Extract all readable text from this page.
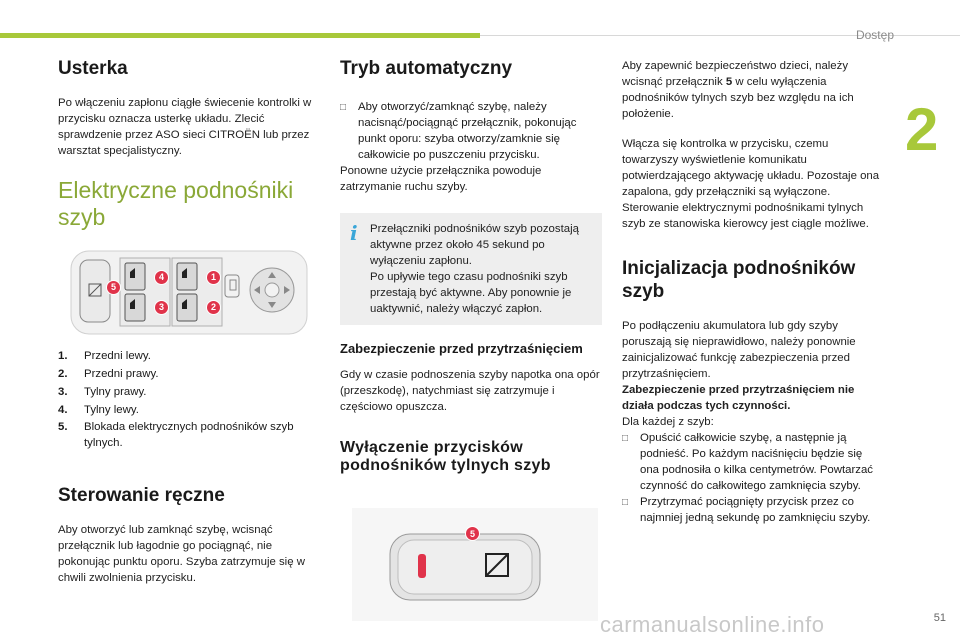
Dostęp
2
Usterka
Po włączeniu zapłonu ciągłe świecenie kontrolki w przycisku oznacza usterkę układu. Zlecić sprawdzenie przez ASO sieci CITROËN lub przez warsztat specjalistyczny.
Elektryczne podnośniki szyb
4	1
5
3	2
1.	Przedni lewy.
2.	Przedni prawy.
3.	Tylny prawy.
4.	Tylny lewy.
5.	Blokada elektrycznych podnośników szyb tylnych.
Sterowanie ręczne
Aby otworzyć lub zamknąć szybę, wcisnąć przełącznik lub łagodnie go pociągnąć, nie pokonując punktu oporu. Szyba zatrzymuje się w chwili zwolnienia przycisku.
Tryb automatyczny
□	Aby otworzyć/zamknąć szybę, należy nacisnąć/pociągnąć przełącznik, pokonując punkt oporu: szyba otworzy/zamknie się całkowicie po puszczeniu przycisku.
Ponowne użycie przełącznika powoduje zatrzymanie ruchu szyby.
i Przełączniki podnośników szyb pozostają aktywne przez około 45 sekund po wyłączeniu zapłonu.
Po upływie tego czasu podnośniki szyb przestają być aktywne. Aby ponownie je uaktywnić, należy włączyć zapłon.
Zabezpieczenie przed przytrzaśnięciem
Gdy w czasie podnoszenia szyby napotka ona opór (przeszkodę), natychmiast się zatrzymuje i częściowo opuszcza.
Wyłączenie przycisków podnośników tylnych szyb
5
Aby zapewnić bezpieczeństwo dzieci, należy wcisnąć przełącznik 5 w celu wyłączenia podnośników tylnych szyb bez względu na ich położenie.
Włącza się kontrolka w przycisku, czemu towarzyszy wyświetlenie komunikatu potwierdzającego aktywację układu. Pozostaje ona zapalona, gdy przełączniki są wyłączone. Sterowanie elektrycznymi podnośnikami tylnych szyb ze stanowiska kierowcy jest ciągle możliwe.
Inicjalizacja podnośników szyb
Po podłączeniu akumulatora lub gdy szyby poruszają się nieprawidłowo, należy ponownie zainicjalizować funkcję zabezpieczenia przed przytrzaśnięciem.
Zabezpieczenie przed przytrzaśnięciem nie działa podczas tych czynności.
Dla każdej z szyb:
□	Opuścić całkowicie szybę, a następnie ją podnieść. Po każdym naciśnięciu będzie się ona podnosiła o kilka centymetrów. Powtarzać czynność do całkowitego zamknięcia szyby.
□	Przytrzymać pociągnięty przycisk przez co najmniej jedną sekundę po zamknięciu szyby.
carmanualsonline.info	51
